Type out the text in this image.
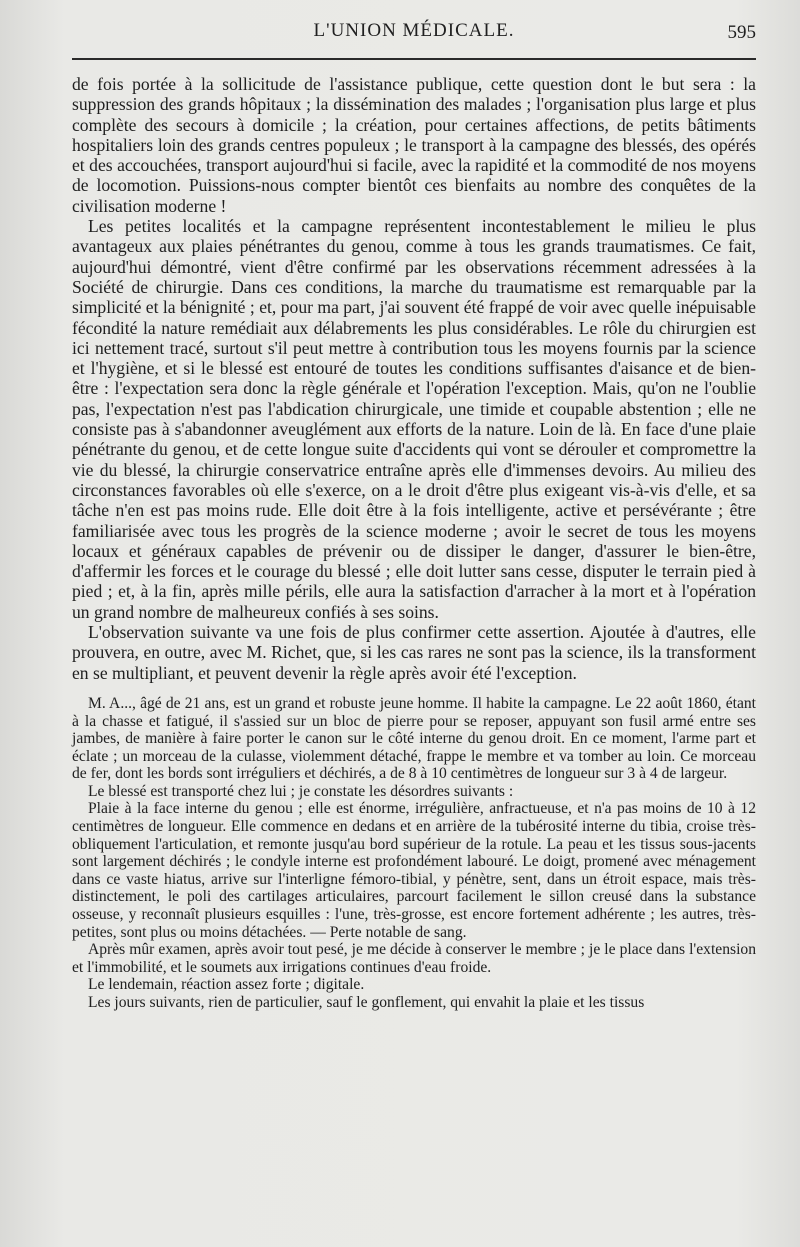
L'UNION MÉDICALE.	595

de fois portée à la sollicitude de l'assistance publique, cette question dont le but sera : la suppression des grands hôpitaux ; la dissémination des malades ; l'organisation plus large et plus complète des secours à domicile ; la création, pour certaines affections, de petits bâtiments hospitaliers loin des grands centres populeux ; le transport à la campagne des blessés, des opérés et des accouchées, transport aujourd'hui si facile, avec la rapidité et la commodité de nos moyens de locomotion. Puissions-nous compter bientôt ces bienfaits au nombre des conquêtes de la civilisation moderne !

Les petites localités et la campagne représentent incontestablement le milieu le plus avantageux aux plaies pénétrantes du genou, comme à tous les grands traumatismes. Ce fait, aujourd'hui démontré, vient d'être confirmé par les observations récemment adressées à la Société de chirurgie. Dans ces conditions, la marche du traumatisme est remarquable par la simplicité et la bénignité ; et, pour ma part, j'ai souvent été frappé de voir avec quelle inépuisable fécondité la nature remédiait aux délabrements les plus considérables. Le rôle du chirurgien est ici nettement tracé, surtout s'il peut mettre à contribution tous les moyens fournis par la science et l'hygiène, et si le blessé est entouré de toutes les conditions suffisantes d'aisance et de bien-être : l'expectation sera donc la règle générale et l'opération l'exception. Mais, qu'on ne l'oublie pas, l'expectation n'est pas l'abdication chirurgicale, une timide et coupable abstention ; elle ne consiste pas à s'abandonner aveuglément aux efforts de la nature. Loin de là. En face d'une plaie pénétrante du genou, et de cette longue suite d'accidents qui vont se dérouler et compromettre la vie du blessé, la chirurgie conservatrice entraîne après elle d'immenses devoirs. Au milieu des circonstances favorables où elle s'exerce, on a le droit d'être plus exigeant vis-à-vis d'elle, et sa tâche n'en est pas moins rude. Elle doit être à la fois intelligente, active et persévérante ; être familiarisée avec tous les progrès de la science moderne ; avoir le secret de tous les moyens locaux et généraux capables de prévenir ou de dissiper le danger, d'assurer le bien-être, d'affermir les forces et le courage du blessé ; elle doit lutter sans cesse, disputer le terrain pied à pied ; et, à la fin, après mille périls, elle aura la satisfaction d'arracher à la mort et à l'opération un grand nombre de malheureux confiés à ses soins.

L'observation suivante va une fois de plus confirmer cette assertion. Ajoutée à d'autres, elle prouvera, en outre, avec M. Richet, que, si les cas rares ne sont pas la science, ils la transforment en se multipliant, et peuvent devenir la règle après avoir été l'exception.

M. A..., âgé de 21 ans, est un grand et robuste jeune homme. Il habite la campagne. Le 22 août 1860, étant à la chasse et fatigué, il s'assied sur un bloc de pierre pour se reposer, appuyant son fusil armé entre ses jambes, de manière à faire porter le canon sur le côté interne du genou droit. En ce moment, l'arme part et éclate ; un morceau de la culasse, violemment détaché, frappe le membre et va tomber au loin. Ce morceau de fer, dont les bords sont irréguliers et déchirés, a de 8 à 10 centimètres de longueur sur 3 à 4 de largeur.

Le blessé est transporté chez lui ; je constate les désordres suivants :

Plaie à la face interne du genou ; elle est énorme, irrégulière, anfractueuse, et n'a pas moins de 10 à 12 centimètres de longueur. Elle commence en dedans et en arrière de la tubérosité interne du tibia, croise très-obliquement l'articulation, et remonte jusqu'au bord supérieur de la rotule. La peau et les tissus sous-jacents sont largement déchirés ; le condyle interne est profondément labouré. Le doigt, promené avec ménagement dans ce vaste hiatus, arrive sur l'interligne fémoro-tibial, y pénètre, sent, dans un étroit espace, mais très-distinctement, le poli des cartilages articulaires, parcourt facilement le sillon creusé dans la substance osseuse, y reconnaît plusieurs esquilles : l'une, très-grosse, est encore fortement adhérente ; les autres, très-petites, sont plus ou moins détachées. — Perte notable de sang.

Après mûr examen, après avoir tout pesé, je me décide à conserver le membre ; je le place dans l'extension et l'immobilité, et le soumets aux irrigations continues d'eau froide.

Le lendemain, réaction assez forte ; digitale.

Les jours suivants, rien de particulier, sauf le gonflement, qui envahit la plaie et les tissus
